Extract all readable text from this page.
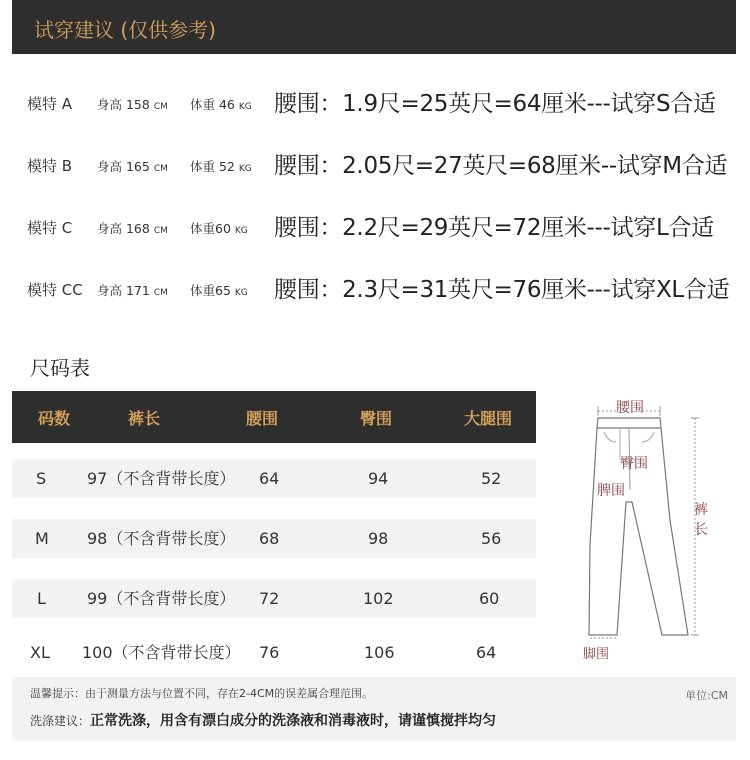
试穿建议 (仅供参考)
模特 A 身高 158 CM 体重 46 KG 腰围：1.9尺=25英尺=64厘米---试穿S合适
模特 B 身高 165 CM 体重 52 KG 腰围：2.05尺=27英尺=68厘米--试穿M合适
模特 C 身高 168 CM 体重60 KG 腰围：2.2尺=29英尺=72厘米---试穿L合适
模特 CC 身高 171 CM 体重65 KG 腰围：2.3尺=31英尺=76厘米---试穿XL合适
尺码表
码数	裤长	腰围	臀围	大腿围
S	97（不含背带长度） 64	94	52
M 98（不含背带长度） 68	98	56
L	99（不含背带长度） 72	102	60
XL 100（不含背带长度） 76	106	64
腰围
臀围
脾围
裤长
脚围
温馨提示：由于测量方法与位置不同，存在2-4CM的误差属合理范围。	单位:CM
洗涤建议：正常洗涤，用含有漂白成分的洗涤液和消毒液时，请谨慎搅拌均匀
